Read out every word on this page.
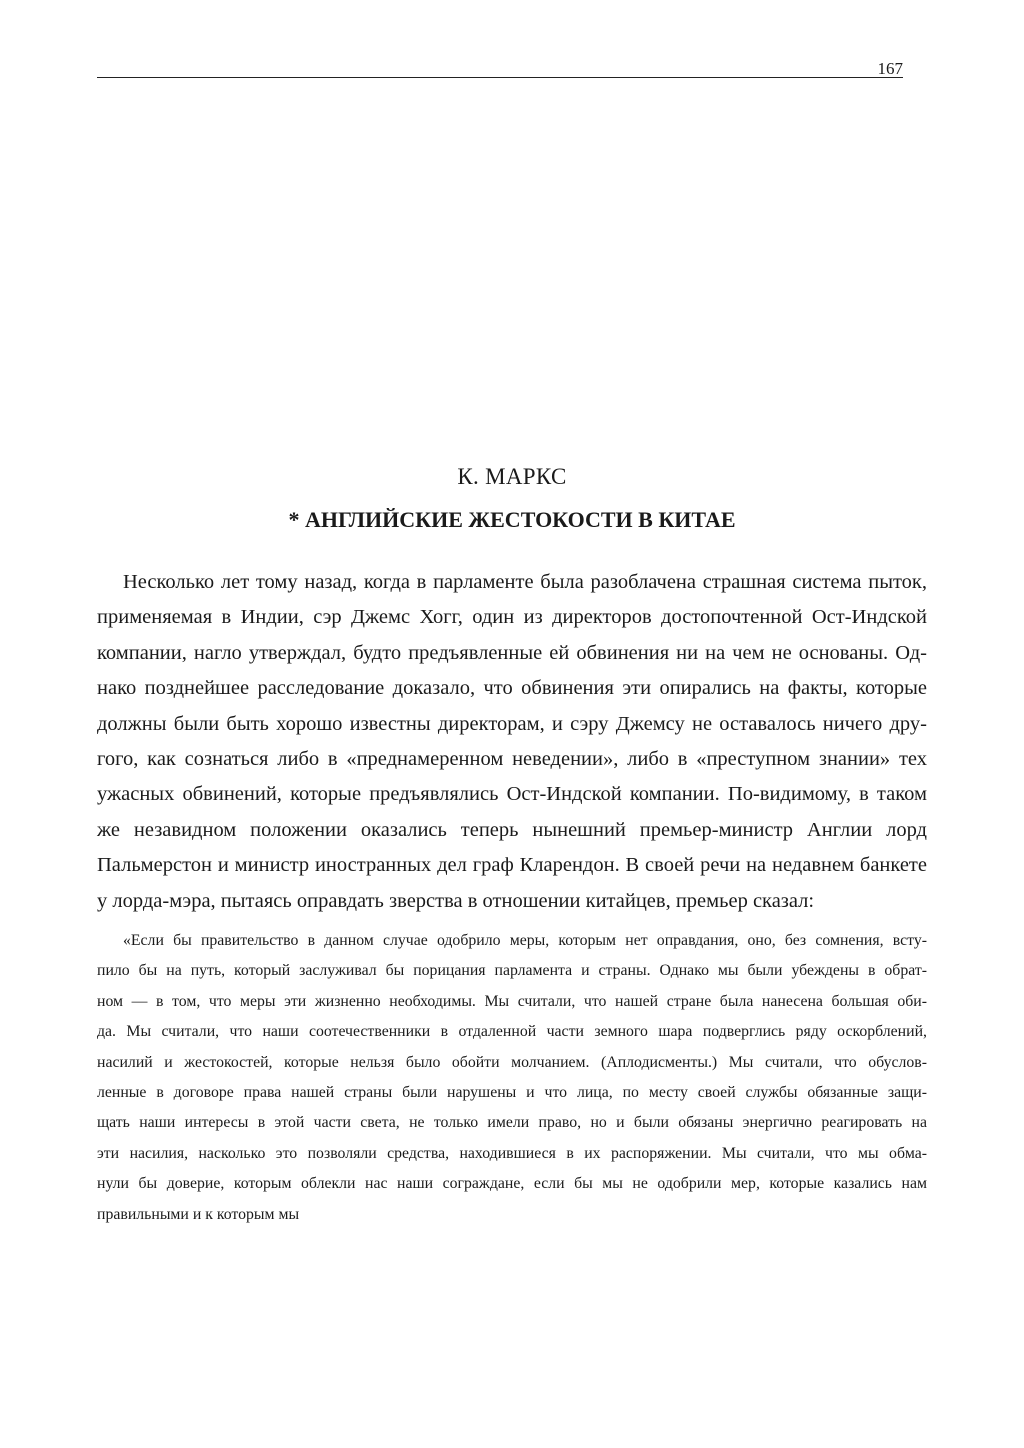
167
К. МАРКС
* АНГЛИЙСКИЕ ЖЕСТОКОСТИ В КИТАЕ
Несколько лет тому назад, когда в парламенте была разоблачена страшная система пыток,
применяемая в Индии, сэр Джемс Хогг, один из директоров достопочтенной Ост-Индской
компании, нагло утверждал, будто предъявленные ей обвинения ни на чем не основаны. Од-
нако позднейшее расследование доказало, что обвинения эти опирались на факты, которые
должны были быть хорошо известны директорам, и сэру Джемсу не оставалось ничего дру-
гого, как сознаться либо в «преднамеренном неведении», либо в «преступном знании» тех
ужасных обвинений, которые предъявлялись Ост-Индской компании. По-видимому, в таком
же незавидном положении оказались теперь нынешний премьер-министр Англии лорд
Пальмерстон и министр иностранных дел граф Кларендон. В своей речи на недавнем банкете
у лорда-мэра, пытаясь оправдать зверства в отношении китайцев, премьер сказал:
«Если бы правительство в данном случае одобрило меры, которым нет оправдания, оно, без сомнения, всту-
пило бы на путь, который заслуживал бы порицания парламента и страны. Однако мы были убеждены в обрат-
ном — в том, что меры эти жизненно необходимы. Мы считали, что нашей стране была нанесена большая оби-
да. Мы считали, что наши соотечественники в отдаленной части земного шара подверглись ряду оскорблений,
насилий и жестокостей, которые нельзя было обойти молчанием. (Аплодисменты.) Мы считали, что обуслов-
ленные в договоре права нашей страны были нарушены и что лица, по месту своей службы обязанные защи-
щать наши интересы в этой части света, не только имели право, но и были обязаны энергично реагировать на
эти насилия, насколько это позволяли средства, находившиеся в их распоряжении. Мы считали, что мы обма-
нули бы доверие, которым облекли нас наши сограждане, если бы мы не одобрили мер, которые казались нам
правильными и к которым мы
